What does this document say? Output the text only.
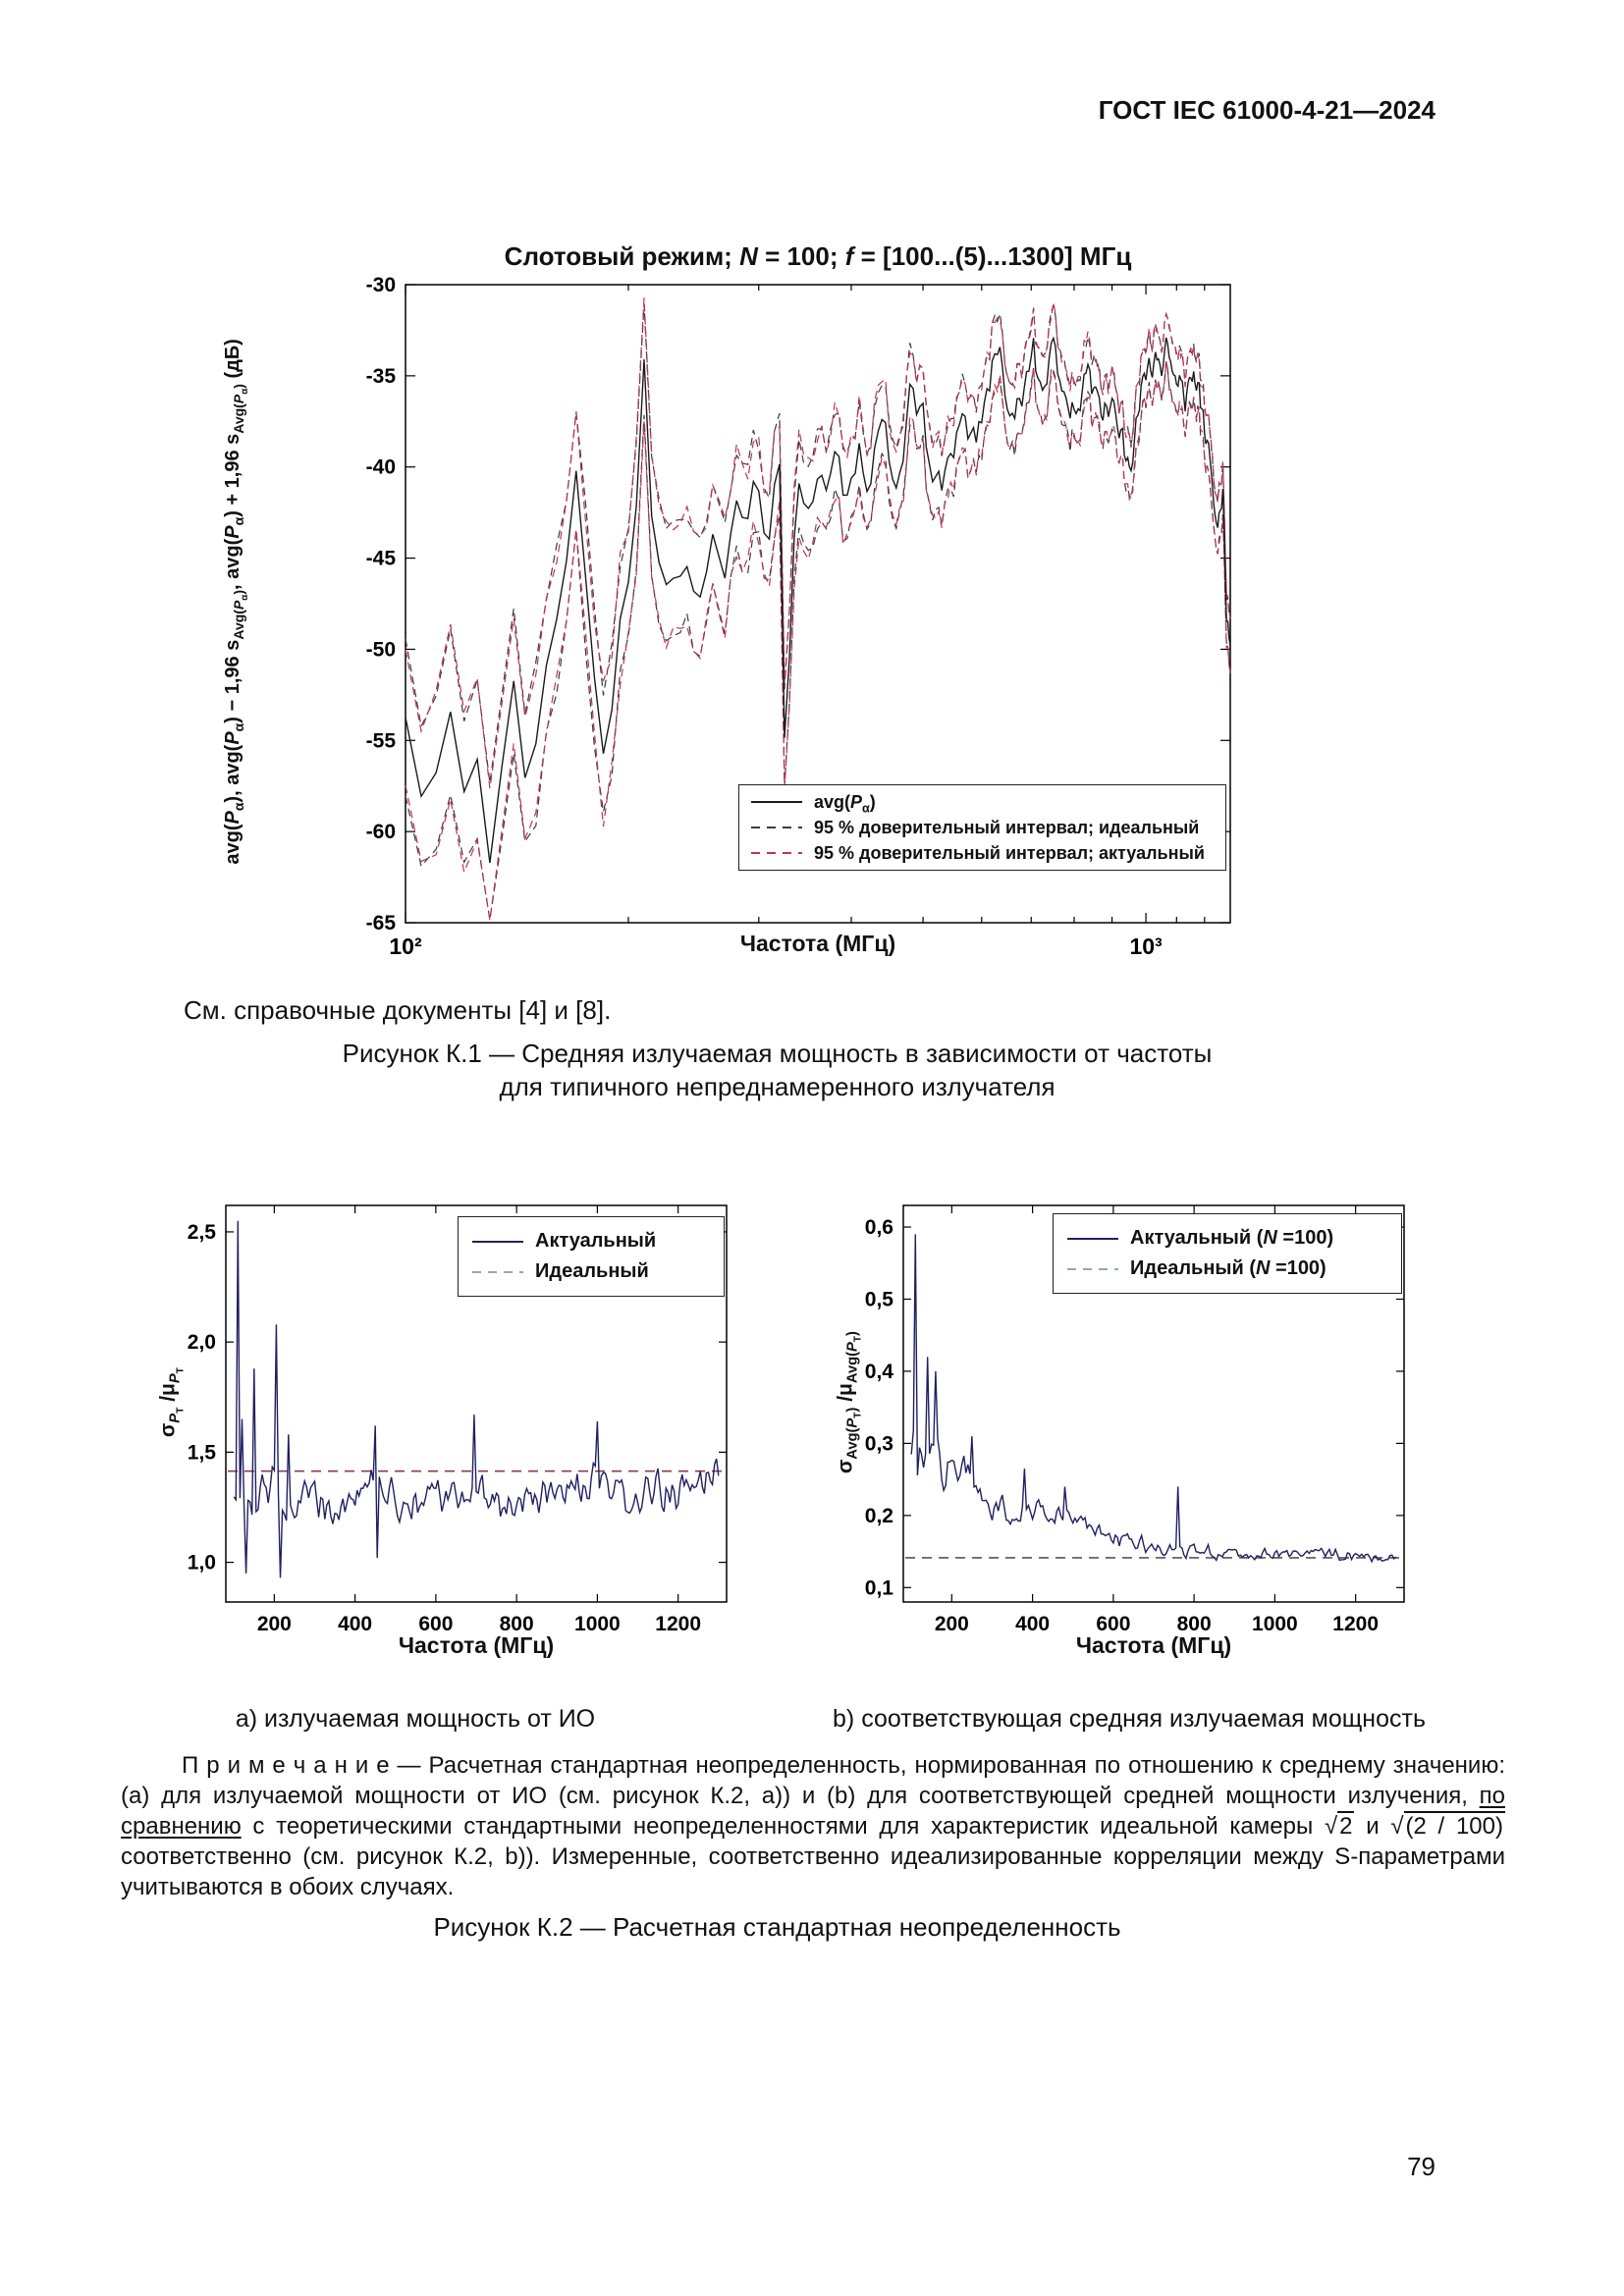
ГОСТ IEC 61000-4-21—2024
10²	10³
-30
-35
-40
-45
-50
-55
-60
-65
Слотовый режим; N = 100; f = [100...(5)...1300] МГц
$avg(P_\alpha)$, $avg(P_\alpha) - 1,96$ $s_{Avg(P_\alpha)}$, $avg(P_\alpha) + 1,96$ $s_{Avg(P_\alpha)}$ (дБ)
Частота (МГц)
$avg(P_\alpha)$
95 % доверительный интервал; идеальный
95 % доверительный интервал; актуальный
См. справочные документы [4] и [8].
Рисунок К.1 — Средняя излучаемая мощность в зависимости от частоты
для типичного непреднамеренного излучателя
200 400 600 800 1000 1200
1,0
1,5
2,0
2,5
$\sigma_{P_T}$ $/\mu_{P_T}$
Частота (МГц)
Актуальный
Идеальный
200 400 600 800 1000 1200
0,1
0,2
0,3
0,4
0,5
0,6
$\sigma_{Avg(P_T)}$ $/\mu_{Avg(P_T)}$
Частота (МГц)
Актуальный (N =100)
Идеальный (N =100)
a) излучаемая мощность от ИО	b) соответствующая средняя излучаемая мощность
П р и м е ч а н и е — Расчетная стандартная неопределенность, нормированная по отношению к среднему значению: (a) для излучаемой мощности от ИО (см. рисунок К.2, a)) и (b) для соответствующей средней мощности излучения, по сравнению с теоретическими стандартными неопределенностями для характеристик идеальной камеры √2 и √(2 / 100) соответственно (см. рисунок К.2, b)). Измеренные, соответственно идеализированные корреляции между S-параметрами учитываются в обоих случаях.
Рисунок К.2 — Расчетная стандартная неопределенность
79
